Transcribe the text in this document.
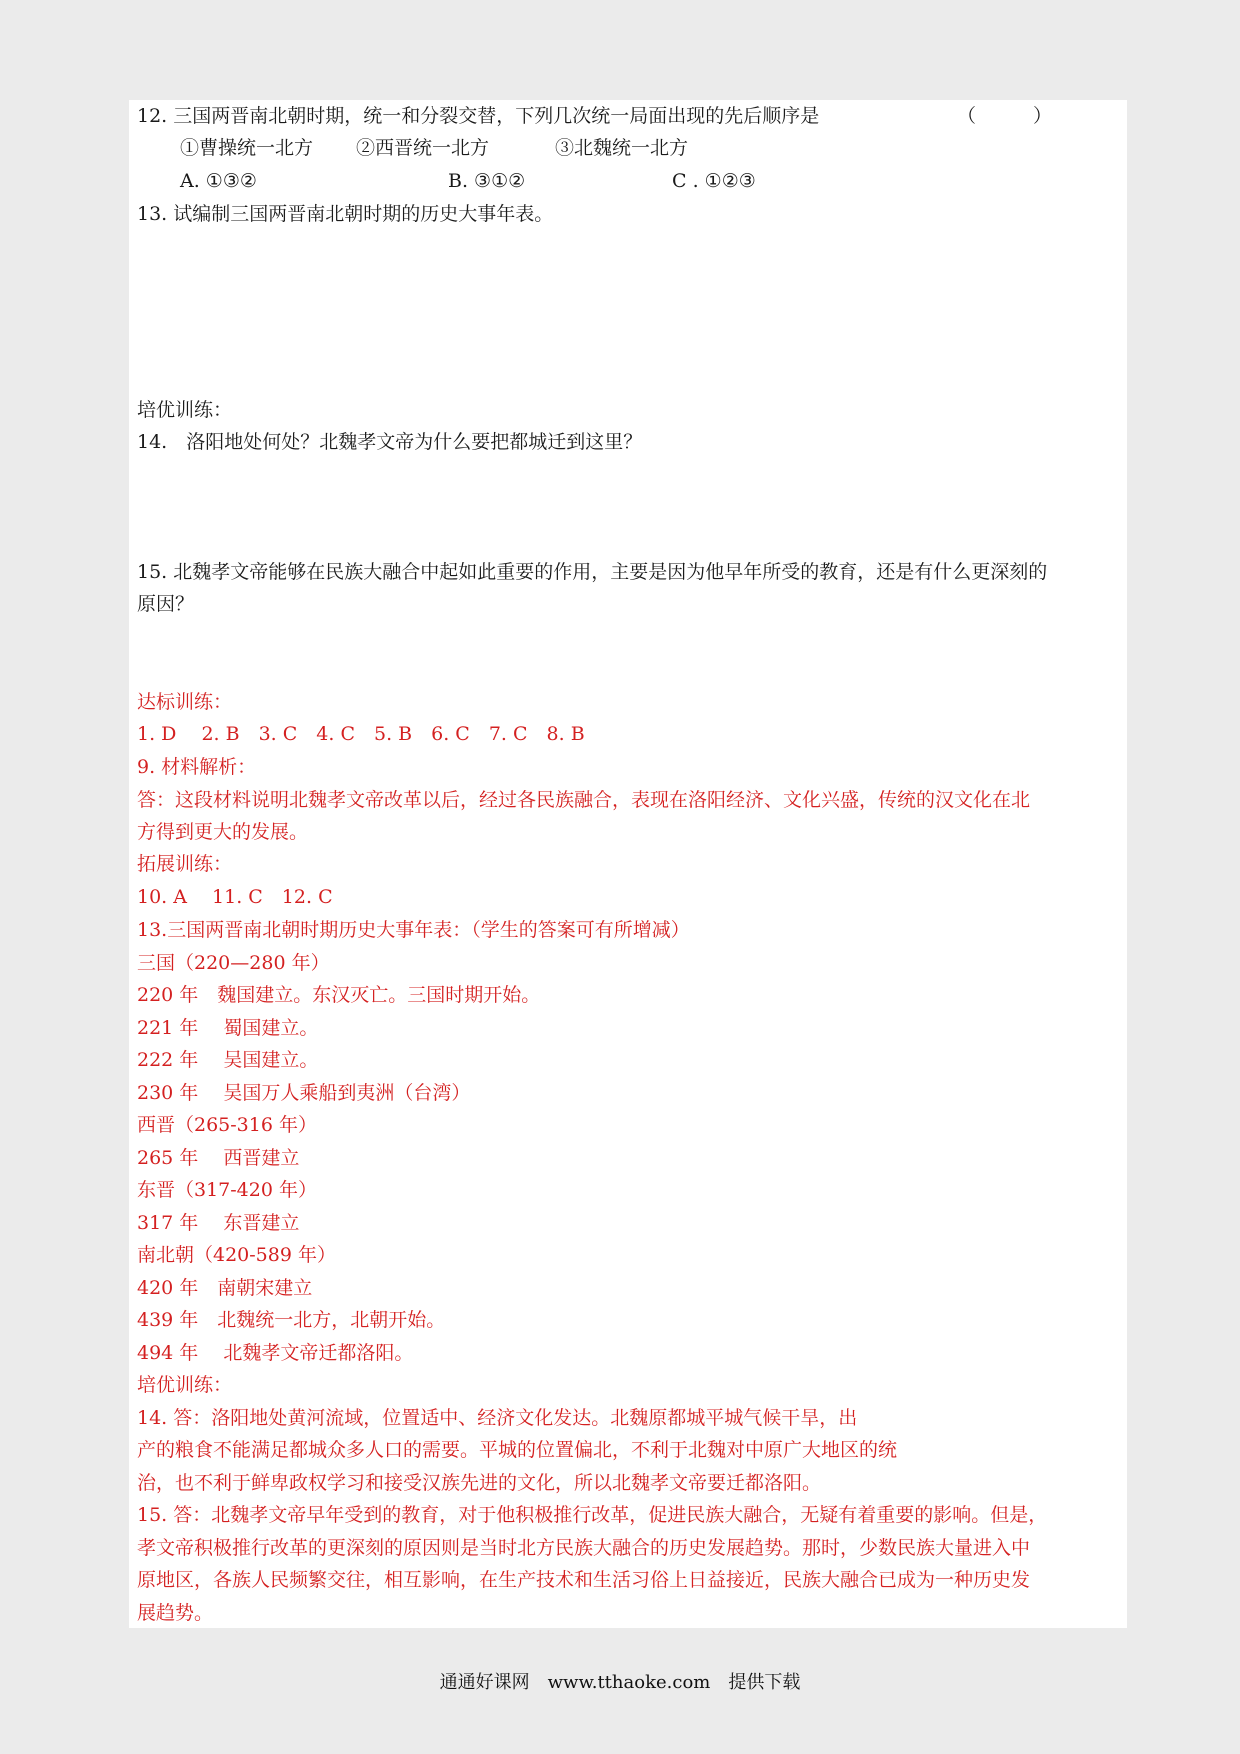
12. 三国两晋南北朝时期，统一和分裂交替，下列几次统一局面出现的先后顺序是	（　　　）
①曹操统一北方 ②西晋统一北方	③北魏统一北方
A. ①③②	B. ③①②	C . ①②③
13. 试编制三国两晋南北朝时期的历史大事年表。
培优训练：
14.　洛阳地处何处？北魏孝文帝为什么要把都城迁到这里？
15. 北魏孝文帝能够在民族大融合中起如此重要的作用，主要是因为他早年所受的教育，还是有什么更深刻的
原因？
达标训练：
1. D　 2. B　3. C　4. C　5. B　6. C　7. C　8. B
9. 材料解析：
答：这段材料说明北魏孝文帝改革以后，经过各民族融合，表现在洛阳经济、文化兴盛，传统的汉文化在北
方得到更大的发展。
拓展训练：
10. A　 11. C　12. C
13.三国两晋南北朝时期历史大事年表：（学生的答案可有所增减）
三国（220—280 年）
220 年　魏国建立。东汉灭亡。三国时期开始。
221 年　 蜀国建立。
222 年　 吴国建立。
230 年　 吴国万人乘船到夷洲（台湾）
西晋（265-316 年）
265 年　 西晋建立
东晋（317-420 年）
317 年　 东晋建立
南北朝（420-589 年）
420 年　南朝宋建立
439 年　北魏统一北方，北朝开始。
494 年　 北魏孝文帝迁都洛阳。
培优训练：
14. 答：洛阳地处黄河流域，位置适中、经济文化发达。北魏原都城平城气候干旱，出
产的粮食不能满足都城众多人口的需要。平城的位置偏北，不利于北魏对中原广大地区的统
治，也不利于鲜卑政权学习和接受汉族先进的文化，所以北魏孝文帝要迁都洛阳。
15. 答：北魏孝文帝早年受到的教育，对于他积极推行改革，促进民族大融合，无疑有着重要的影响。但是，
孝文帝积极推行改革的更深刻的原因则是当时北方民族大融合的历史发展趋势。那时，少数民族大量进入中
原地区，各族人民频繁交往，相互影响，在生产技术和生活习俗上日益接近，民族大融合已成为一种历史发
展趋势。
通通好课网　www.tthaoke.com　提供下载
